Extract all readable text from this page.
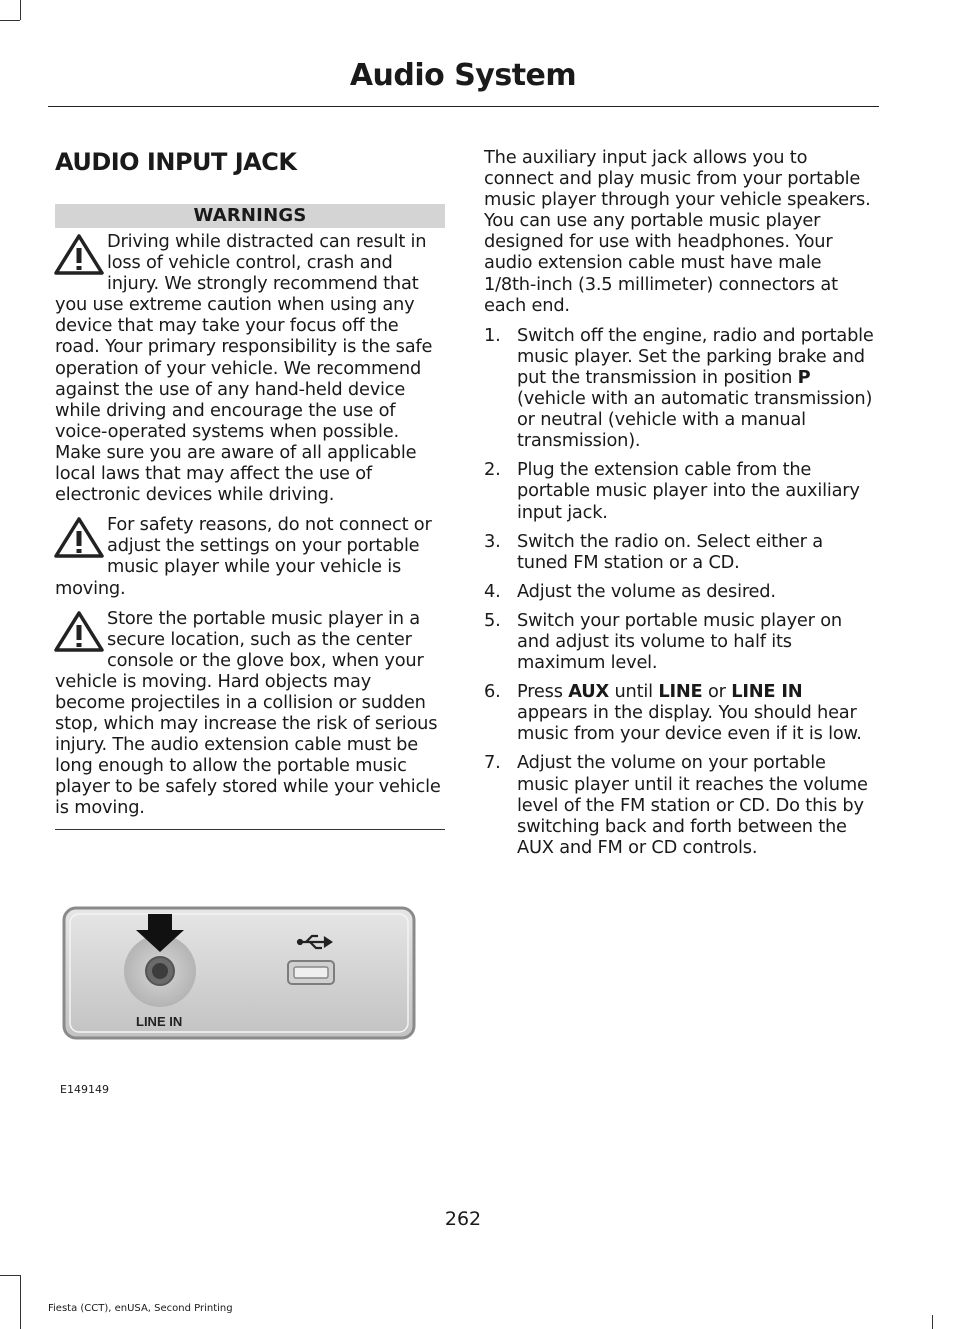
Audio System
AUDIO INPUT JACK
WARNINGS
Driving while distracted can result in loss of vehicle control, crash and injury. We strongly recommend that you use extreme caution when using any device that may take your focus off the road. Your primary responsibility is the safe operation of your vehicle. We recommend against the use of any hand-held device while driving and encourage the use of voice-operated systems when possible. Make sure you are aware of all applicable local laws that may affect the use of electronic devices while driving.
For safety reasons, do not connect or adjust the settings on your portable music player while your vehicle is moving.
Store the portable music player in a secure location, such as the center console or the glove box, when your vehicle is moving. Hard objects may become projectiles in a collision or sudden stop, which may increase the risk of serious injury. The audio extension cable must be long enough to allow the portable music player to be safely stored while your vehicle is moving.

The auxiliary input jack allows you to connect and play music from your portable music player through your vehicle speakers. You can use any portable music player designed for use with headphones. Your audio extension cable must have male 1/8th-inch (3.5 millimeter) connectors at each end.

1. Switch off the engine, radio and portable music player. Set the parking brake and put the transmission in position P (vehicle with an automatic transmission) or neutral (vehicle with a manual transmission).
2. Plug the extension cable from the portable music player into the auxiliary input jack.
3. Switch the radio on. Select either a tuned FM station or a CD.
4. Adjust the volume as desired.
5. Switch your portable music player on and adjust its volume to half its maximum level.
6. Press AUX until LINE or LINE IN appears in the display. You should hear music from your device even if it is low.
7. Adjust the volume on your portable music player until it reaches the volume level of the FM station or CD. Do this by switching back and forth between the AUX and FM or CD controls.
LINE IN
E149149
262
Fiesta (CCT), enUSA, Second Printing
